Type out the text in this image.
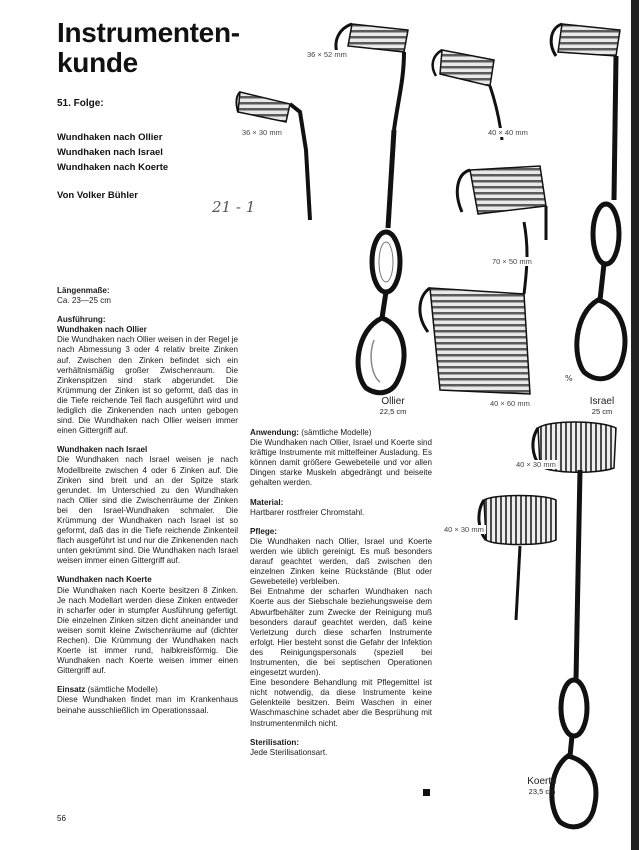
Instrumenten-
kunde
51. Folge:
Wundhaken nach Ollier
Wundhaken nach Israel
Wundhaken nach Koerte
Von Volker Bühler
21 - 1
Längenmaße:
Ca. 23—25 cm
Ausführung:
Wundhaken nach Ollier
Die Wundhaken nach Ollier weisen in der Regel je nach Abmessung 3 oder 4 relativ breite Zinken auf. Zwischen den Zinken befindet sich ein verhältnismäßig großer Zwischenraum. Die Zinkenspitzen sind stark abgerundet. Die Krümmung der Zinken ist so geformt, daß das in die Tiefe reichende Teil flach ausgeführt wird und lediglich die Zinkenenden nach unten gebogen sind. Die Wundhaken nach Ollier weisen immer einen Gittergriff auf.
Wundhaken nach Israel
Die Wundhaken nach Israel weisen je nach Modellbreite zwischen 4 oder 6 Zinken auf. Die Zinken sind breit und an der Spitze stark gerundet. Im Unterschied zu den Wundhaken nach Ollier sind die Zwischenräume der Zinken bei den Israel-Wundhaken schmaler. Die Krümmung der Wundhaken nach Israel ist so geformt, daß das in die Tiefe reichende Zinkenteil flach ausgeführt ist und nur die Zinkenenden nach unten gekrümmt sind. Die Wundhaken nach Israel weisen immer einen Gittergriff auf.
Wundhaken nach Koerte
Die Wundhaken nach Koerte besitzen 8 Zinken. Je nach Modellart werden diese Zinken entweder in scharfer oder in stumpfer Ausführung gefertigt. Die einzelnen Zinken sitzen dicht aneinander und weisen somit kleine Zwischenräume auf (dichter Rechen). Die Krümmung der Wundhaken nach Koerte ist immer rund, halbkreisförmig. Die Wundhaken nach Koerte weisen immer einen Gittergriff auf.
Einsatz (sämtliche Modelle)
Diese Wundhaken findet man im Krankenhaus beinahe ausschließlich im Operationssaal.
Anwendung: (sämtliche Modelle)
Die Wundhaken nach Ollier, Israel und Koerte sind kräftige Instrumente mit mittelfeiner Ausladung. Es können damit größere Gewebeteile und vor allen Dingen starke Muskeln abgedrängt und beiseite gehalten werden.
Material:
Hartbarer rostfreier Chromstahl.
Pflege:
Die Wundhaken nach Ollier, Israel und Koerte werden wie üblich gereinigt. Es muß besonders darauf geachtet werden, daß zwischen den einzelnen Zinken keine Rückstände (Blut oder Gewebeteile) verbleiben.
Bei Entnahme der scharfen Wundhaken nach Koerte aus der Siebschale beziehungsweise dem Abwurfbehälter zum Zwecke der Reinigung muß besonders darauf geachtet werden, daß keine Verletzung durch diese scharfen Instrumente erfolgt. Hier besteht sonst die Gefahr der Infektion des Reinigungspersonals (speziell bei Instrumenten, die bei septischen Operationen eingesetzt wurden).
Eine besondere Behandlung mit Pflegemittel ist nicht notwendig, da diese Instrumente keine Gelenkteile besitzen. Beim Waschen in einer Waschmaschine schadet aber die Besprühung mit Instrumentenmilch nicht.
Sterilisation:
Jede Sterilisationsart.
36 × 52 mm
36 × 30 mm	40 × 40 mm
70 × 50 mm
40 × 60 mm
40 × 30 mm
40 × 30 mm
%
Ollier
22,5 cm
Israel
25 cm
Koerte
23,5 cm
56
